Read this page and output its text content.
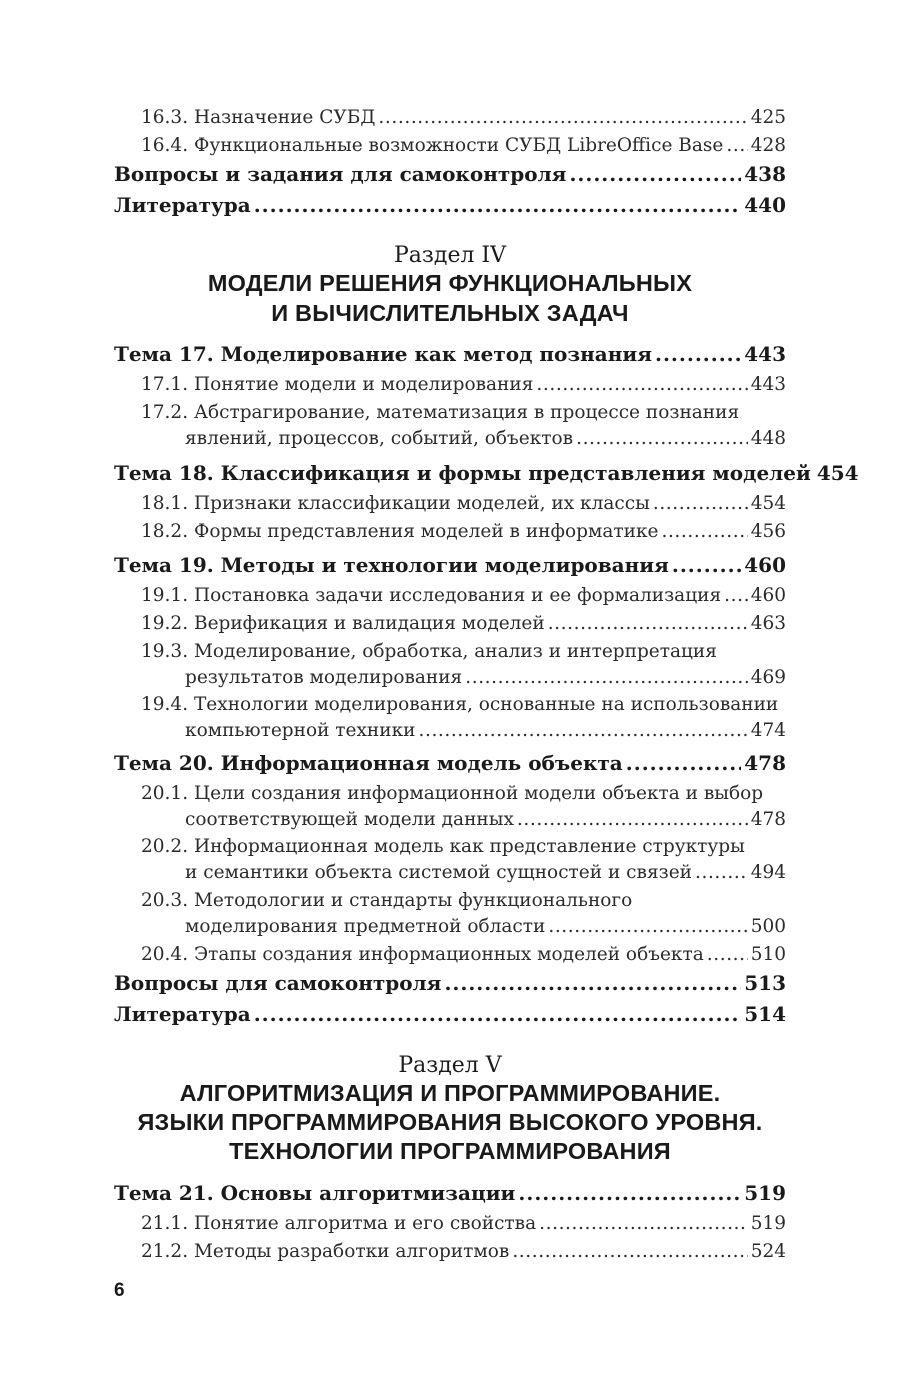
16.3. Назначение СУБД .....	425
16.4. Функциональные возможности СУБД LibreOffice Base ..... 428
Вопросы и задания для самоконтроля .....	438
Литература .....	440
Раздел IV
МОДЕЛИ РЕШЕНИЯ ФУНКЦИОНАЛЬНЫХ
И ВЫЧИСЛИТЕЛЬНЫХ ЗАДАЧ
Тема 17. Моделирование как метод познания .....	443
17.1. Понятие модели и моделирования .....	443
17.2.
Абстрагирование, математизация в процессе познания
явлений, процессов, событий, объектов .....	448
Тема 18. Классификация и формы представления моделей 454
18.1. Признаки классификации моделей, их классы .....	454
18.2. Формы представления моделей в информатике .....	456
Тема 19. Методы и технологии моделирования .....	460
19.1. Постановка задачи исследования и ее формализация ..... 460
19.2. Верификация и валидация моделей .....	463
19.3.
Моделирование, обработка, анализ и интерпретация
результатов моделирования .....	469
19.4.
Технологии моделирования, основанные на использовании
компьютерной техники .....	474
Тема 20. Информационная модель объекта .....	478
20.1.
Цели создания информационной модели объекта и выбор
соответствующей модели данных .....	478
20.2.
Информационная модель как представление структуры
и семантики объекта системой сущностей и связей .....	494
20.3.
Методологии и стандарты функционального
моделирования предметной области .....	500
20.4. Этапы создания информационных моделей объекта .....	510
Вопросы для самоконтроля .....	513
Литература .....	514
Раздел V
АЛГОРИТМИЗАЦИЯ И ПРОГРАММИРОВАНИЕ.
ЯЗЫКИ ПРОГРАММИРОВАНИЯ ВЫСОКОГО УРОВНЯ.
ТЕХНОЛОГИИ ПРОГРАММИРОВАНИЯ
Тема 21. Основы алгоритмизации .....	519
21.1. Понятие алгоритма и его свойства .....	519
21.2. Методы разработки алгоритмов .....	524
6
